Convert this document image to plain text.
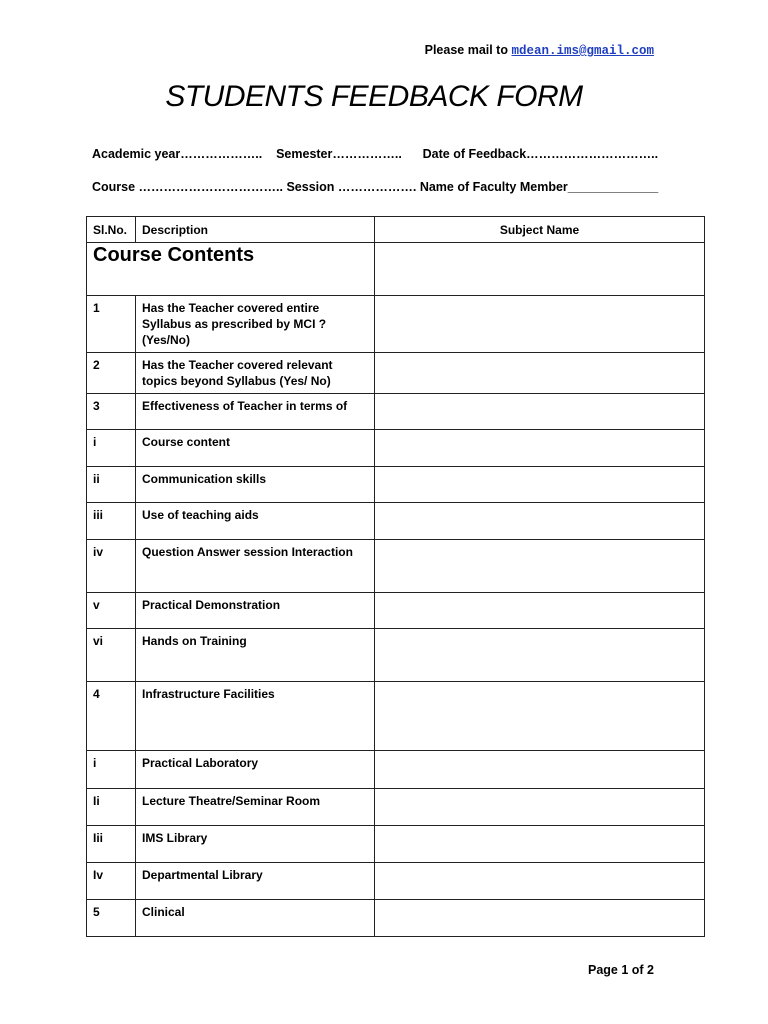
Please mail to mdean.ims@gmail.com
STUDENTS FEEDBACK FORM
Academic year………………..    Semester……………..      Date of Feedback…………………………..
Course …………………………….. Session ………………. Name of Faculty Member_____________
Sl.No.	Description	Subject Name
Course Contents		
1	Has the Teacher covered entire Syllabus as prescribed by MCI ? (Yes/No)	
2	Has the Teacher covered relevant topics beyond Syllabus (Yes/ No)	
3	Effectiveness of Teacher in terms of	
i	Course content	
ii	Communication skills	
iii	Use of teaching aids	
iv	Question Answer session Interaction	
v	Practical Demonstration	
vi	Hands on Training	
4	Infrastructure Facilities	
i	Practical Laboratory	
Ii	Lecture Theatre/Seminar Room	
Iii	IMS Library	
Iv	Departmental Library	
5	Clinical	
Page 1 of 2
